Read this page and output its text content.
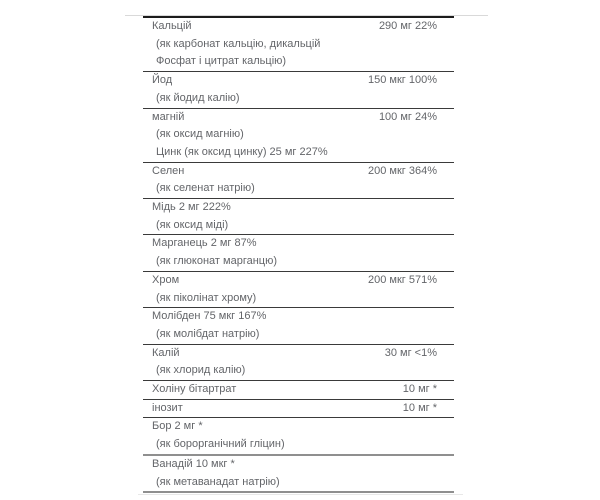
Кальцій	290 мг 22%
(як карбонат кальцію, дикальцій
Фосфат і цитрат кальцію)
Йод	150 мкг 100%
(як йодид калію)
магній	100 мг 24%
(як оксид магнію)
Цинк (як оксид цинку) 25 мг 227%
Селен	200 мкг 364%
(як селенат натрію)
Мідь 2 мг 222%
(як оксид міді)
Марганець 2 мг 87%
(як глюконат марганцю)
Хром	200 мкг 571%
(як піколінат хрому)
Молібден 75 мкг 167%
(як молібдат натрію)
Калій	30 мг <1%
(як хлорид калію)
Холіну бітартрат	10 мг *
інозит	10 мг *
Бор 2 мг *
(як борорганічний гліцин)
Ванадій 10 мкг *
(як метаванадат натрію)
